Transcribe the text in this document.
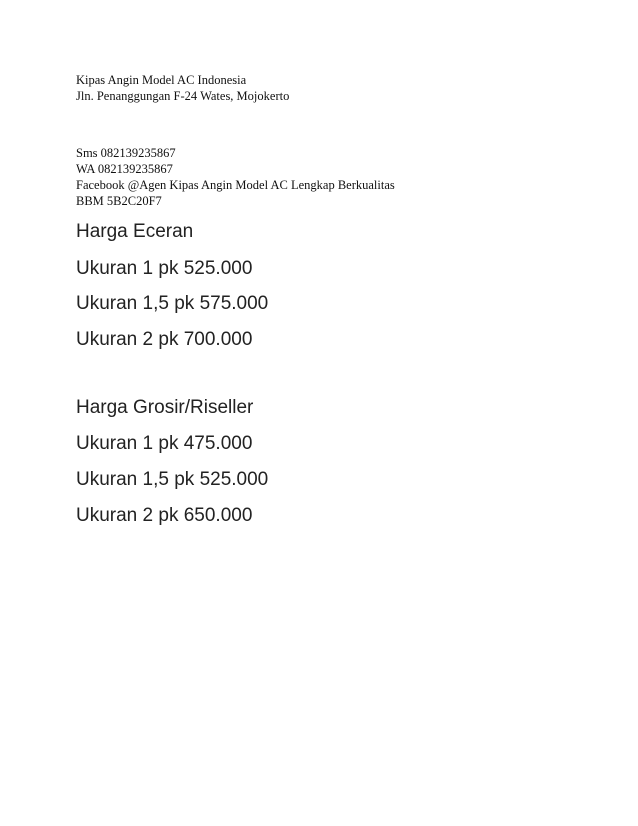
Kipas Angin Model AC Indonesia
Jln. Penanggungan F-24 Wates, Mojokerto
Sms 082139235867
WA 082139235867
Facebook @Agen Kipas Angin Model AC Lengkap Berkualitas
BBM 5B2C20F7
Harga Eceran
Ukuran 1 pk 525.000
Ukuran 1,5 pk 575.000
Ukuran 2 pk 700.000
Harga Grosir/Riseller
Ukuran 1 pk 475.000
Ukuran 1,5 pk 525.000
Ukuran 2 pk 650.000
